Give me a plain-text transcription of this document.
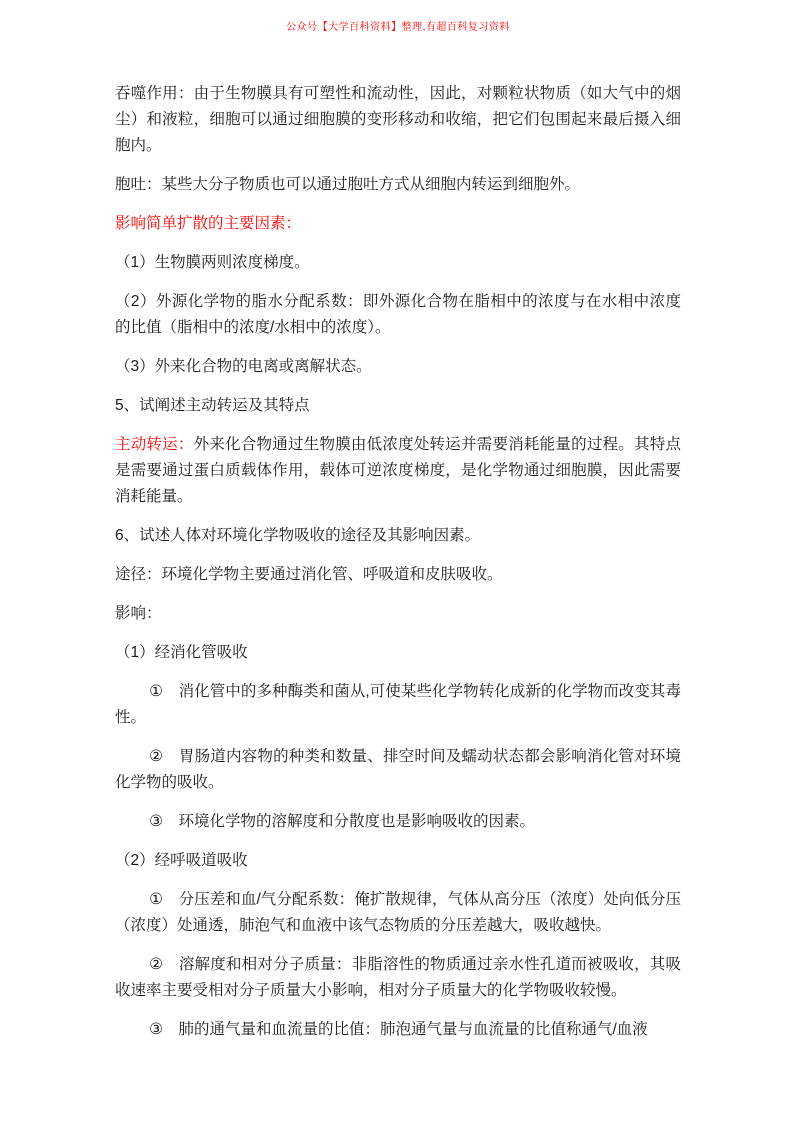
公众号【大学百科资料】整理,有超百科复习资料

吞噬作用：由于生物膜具有可塑性和流动性，因此，对颗粒状物质（如大气中的烟尘）和液粒，细胞可以通过细胞膜的变形移动和收缩，把它们包围起来最后摄入细胞内。

胞吐：某些大分子物质也可以通过胞吐方式从细胞内转运到细胞外。

影响简单扩散的主要因素：

（1）生物膜两则浓度梯度。

（2）外源化学物的脂水分配系数：即外源化合物在脂相中的浓度与在水相中浓度的比值（脂相中的浓度/水相中的浓度）。

（3）外来化合物的电离或离解状态。

5、试阐述主动转运及其特点

主动转运：外来化合物通过生物膜由低浓度处转运并需要消耗能量的过程。其特点是需要通过蛋白质载体作用，载体可逆浓度梯度，是化学物通过细胞膜，因此需要消耗能量。

6、试述人体对环境化学物吸收的途径及其影响因素。

途径：环境化学物主要通过消化管、呼吸道和皮肤吸收。

影响：

（1）经消化管吸收

①　消化管中的多种酶类和菌从,可使某些化学物转化成新的化学物而改变其毒性。

②　胃肠道内容物的种类和数量、排空时间及蠕动状态都会影响消化管对环境化学物的吸收。

③　环境化学物的溶解度和分散度也是影响吸收的因素。

（2）经呼吸道吸收

①　分压差和血/气分配系数：俺扩散规律，气体从高分压（浓度）处向低分压（浓度）处通透，肺泡气和血液中该气态物质的分压差越大，吸收越快。

②　溶解度和相对分子质量：非脂溶性的物质通过亲水性孔道而被吸收，其吸收速率主要受相对分子质量大小影响，相对分子质量大的化学物吸收较慢。

③　肺的通气量和血流量的比值：肺泡通气量与血流量的比值称通气/血液
